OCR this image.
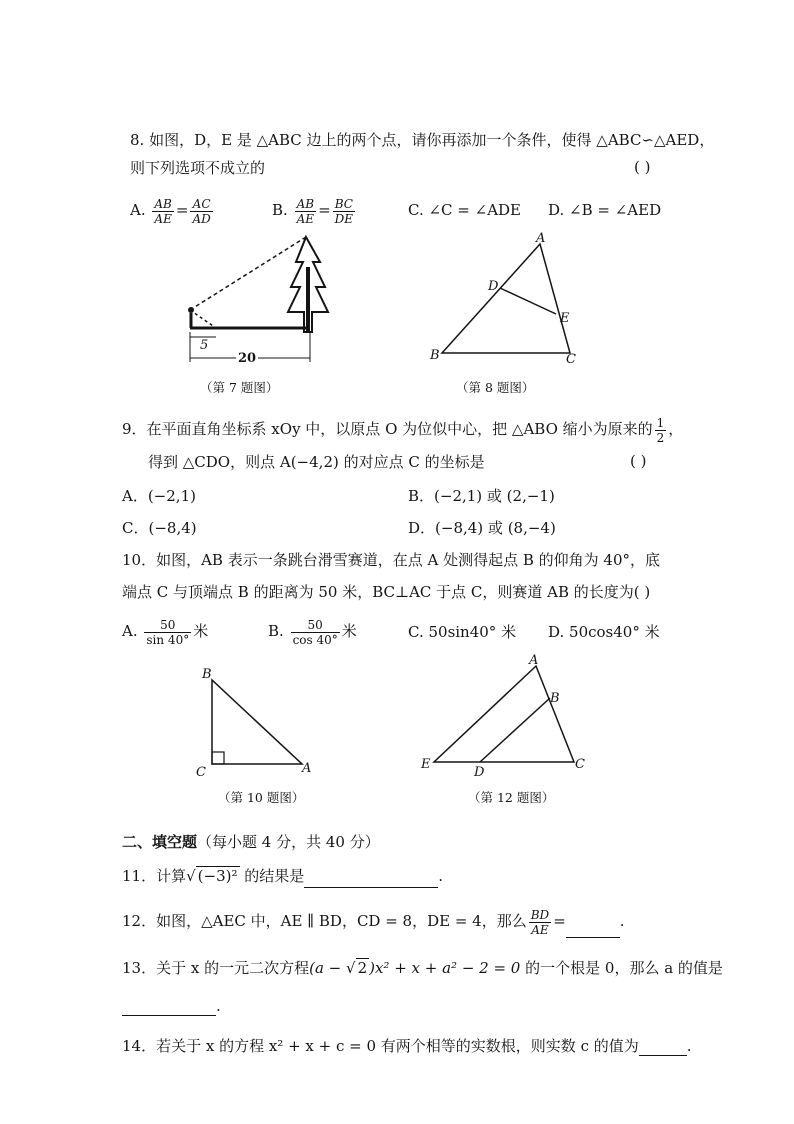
8. 如图，D，E 是 △ABC 边上的两个点，请你再添加一个条件，使得 △ABC∽△AED，
则下列选项不成立的	( )
A. $\frac{AB}{AE} = \frac{AC}{AD}$	B. $\frac{AB}{AE} = \frac{BC}{DE}$	C. ∠C = ∠ADE D. ∠B = ∠AED
5
20
（第 7 题图）
A
B	C
D
E
（第 8 题图）
9．在平面直角坐标系 xOy 中，以原点 O 为位似中心，把 △ABO 缩小为原来的 $\frac{1}{2}$ ，
得到 △CDO，则点 A(−4,2) 的对应点 C 的坐标是	( )
A．(−2,1)	B．(−2,1) 或 (2,−1)
C．(−8,4)	D．(−8,4) 或 (8,−4)
10．如图，AB 表示一条跳台滑雪赛道，在点 A 处测得起点 B 的仰角为 40°，底
端点 C 与顶端点 B 的距离为 50 米，BC⊥AC 于点 C，则赛道 AB 的长度为( )
A. $\frac{50}{\sin 40^\circ}$ 米	B. $\frac{50}{\cos 40^\circ}$ 米	C. 50sin40° 米 D. 50cos40° 米
B
C	A
（第 10 题图）
A
B
E
D
C
（第 12 题图）
二、填空题（每小题 4 分，共 40 分）
11．计算√ (−3)² 的结果是	.
12．如图，△AEC 中，AE ∥ BD，CD = 8，DE = 4，那么 $\frac{BD}{AE}$ =	.
13．关于 x 的一元二次方程(a − √ 2 )x² + x + a² − 2 = 0 的一个根是 0，那么 a 的值是
.
14．若关于 x 的方程 x² + x + c = 0 有两个相等的实数根，则实数 c 的值为	.
